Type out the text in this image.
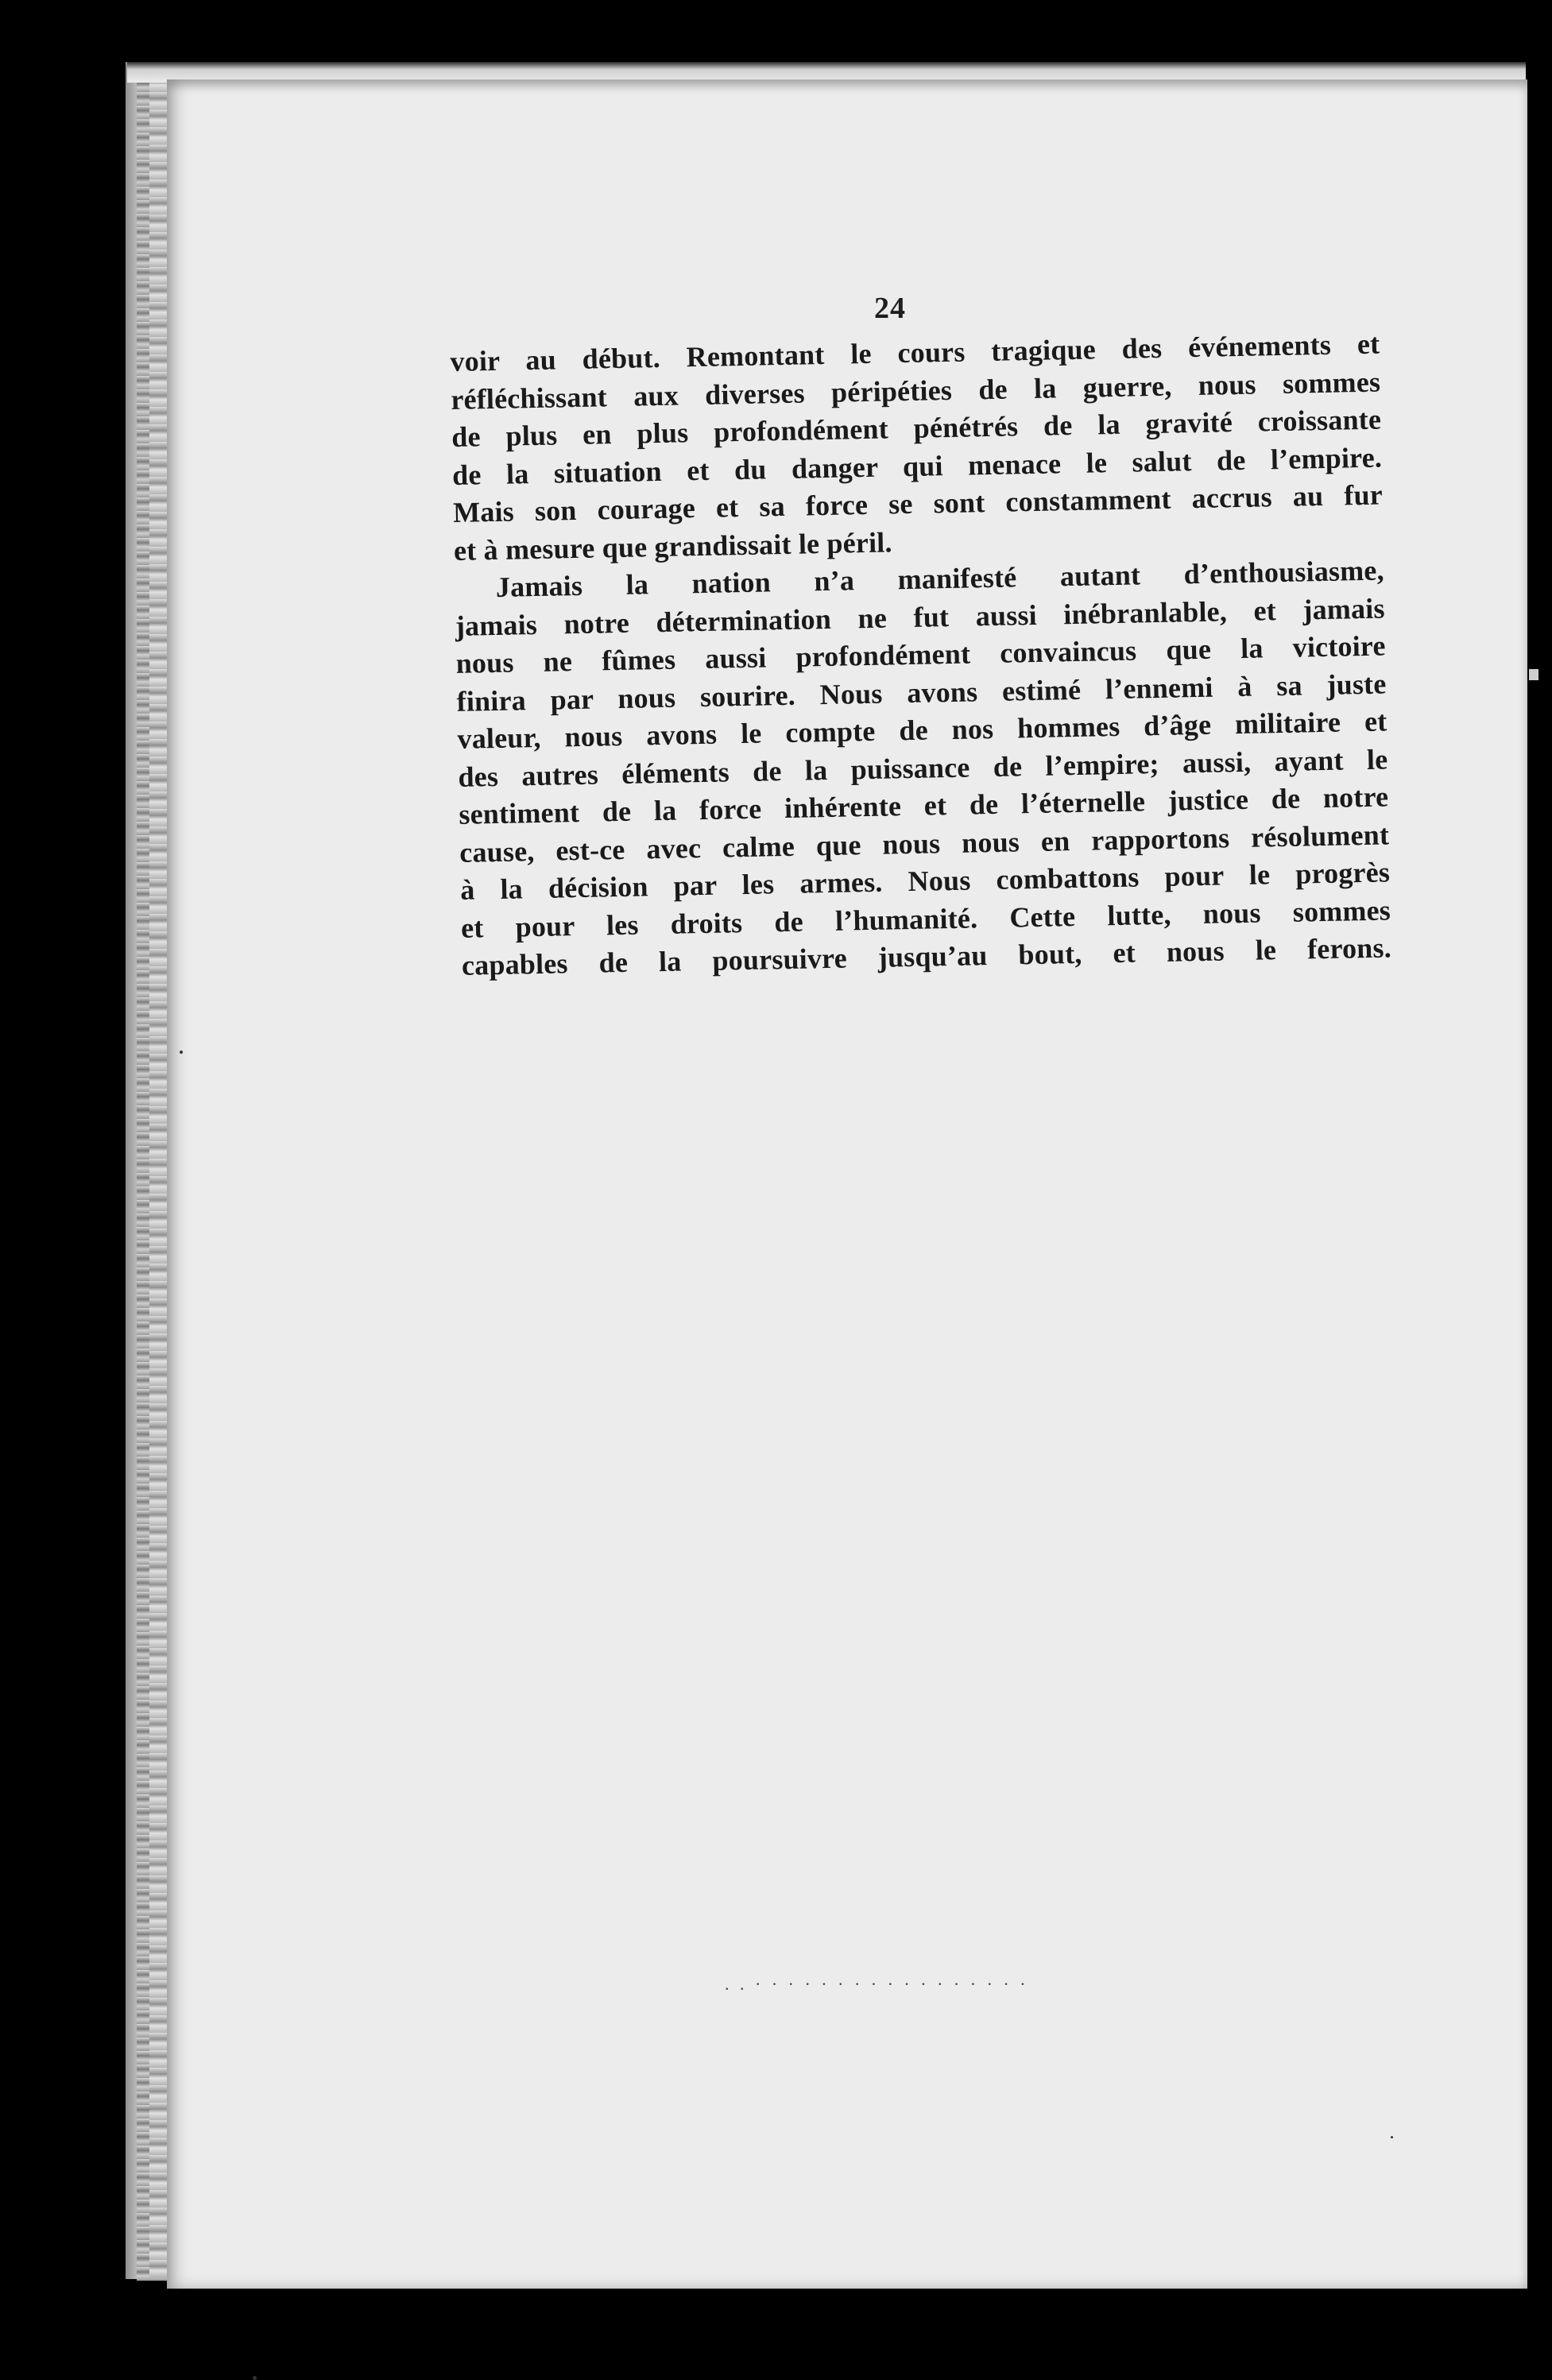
24
voir au début. Remontant le cours tragique des événements et
réfléchissant aux diverses péripéties de la guerre, nous sommes
de plus en plus profondément pénétrés de la gravité croissante
de la situation et du danger qui menace le salut de l’empire.
Mais son courage et sa force se sont constamment accrus au fur
et à mesure que grandissait le péril.
Jamais la nation n’a manifesté autant d’enthousiasme,
jamais notre détermination ne fut aussi inébranlable, et jamais
nous ne fûmes aussi profondément convaincus que la victoire
finira par nous sourire. Nous avons estimé l’ennemi à sa juste
valeur, nous avons le compte de nos hommes d’âge militaire et
des autres éléments de la puissance de l’empire; aussi, ayant le
sentiment de la force inhérente et de l’éternelle justice de notre
cause, est-ce avec calme que nous nous en rapportons résolument
à la décision par les armes. Nous combattons pour le progrès
et pour les droits de l’humanité. Cette lutte, nous sommes
capables de la poursuivre jusqu’au bout, et nous le ferons.
. . · · · · · · · · · · · · · · · · ·
